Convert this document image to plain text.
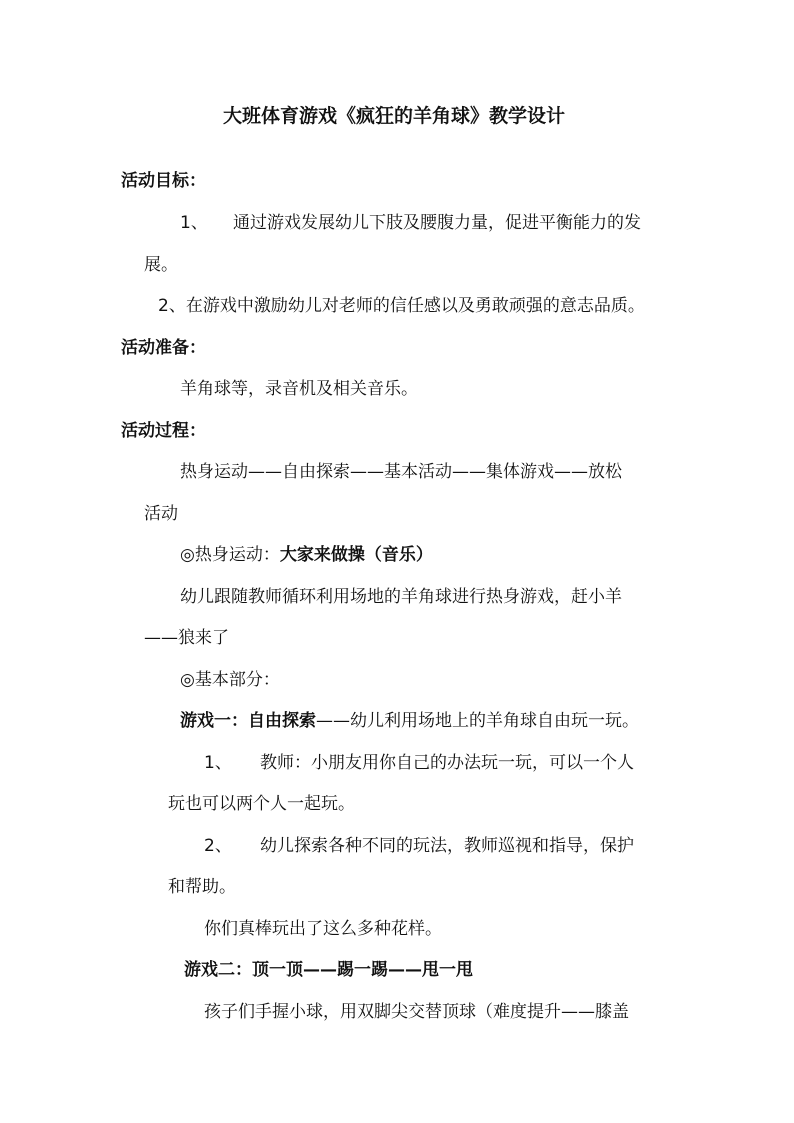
大班体育游戏《疯狂的羊角球》教学设计
活动目标：
1、 通过游戏发展幼儿下肢及腰腹力量，促进平衡能力的发
展。
2、在游戏中激励幼儿对老师的信任感以及勇敢顽强的意志品质。
活动准备：
羊角球等，录音机及相关音乐。
活动过程：
热身运动——自由探索——基本活动——集体游戏——放松
活动
◎热身运动：大家来做操（音乐）
幼儿跟随教师循环利用场地的羊角球进行热身游戏，赶小羊
——狼来了
◎基本部分：
游戏一：自由探索——幼儿利用场地上的羊角球自由玩一玩。
1、 教师：小朋友用你自己的办法玩一玩，可以一个人
玩也可以两个人一起玩。
2、 幼儿探索各种不同的玩法，教师巡视和指导，保护
和帮助。
你们真棒玩出了这么多种花样。
游戏二：顶一顶——踢一踢——甩一甩
孩子们手握小球，用双脚尖交替顶球（难度提升——膝盖
